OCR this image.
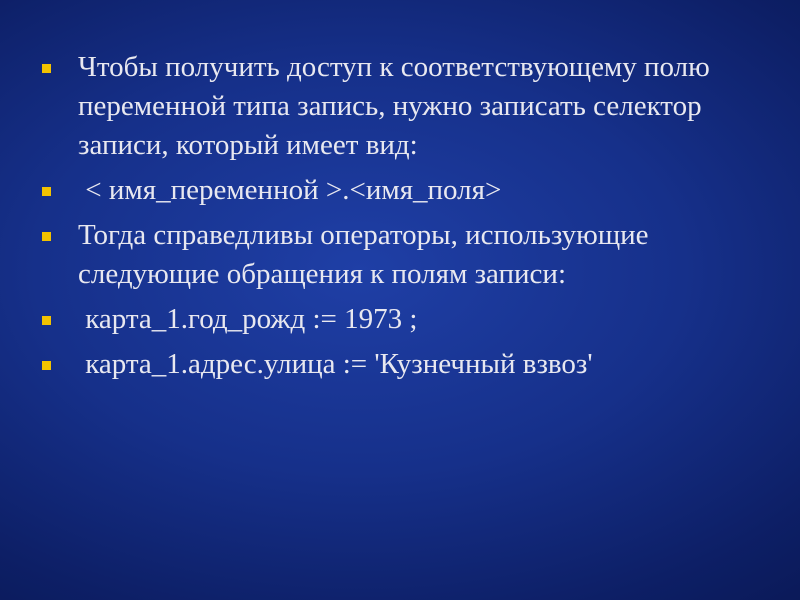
Чтобы получить доступ к соответствующему полю переменной типа запись, нужно записать селектор записи, который имеет вид:
< имя_переменной >.<имя_поля>
Тогда справедливы операторы, использующие следующие обращения к полям записи:
карта_1.год_рожд := 1973 ;
карта_1.адрес.улица := 'Кузнечный взвоз'
